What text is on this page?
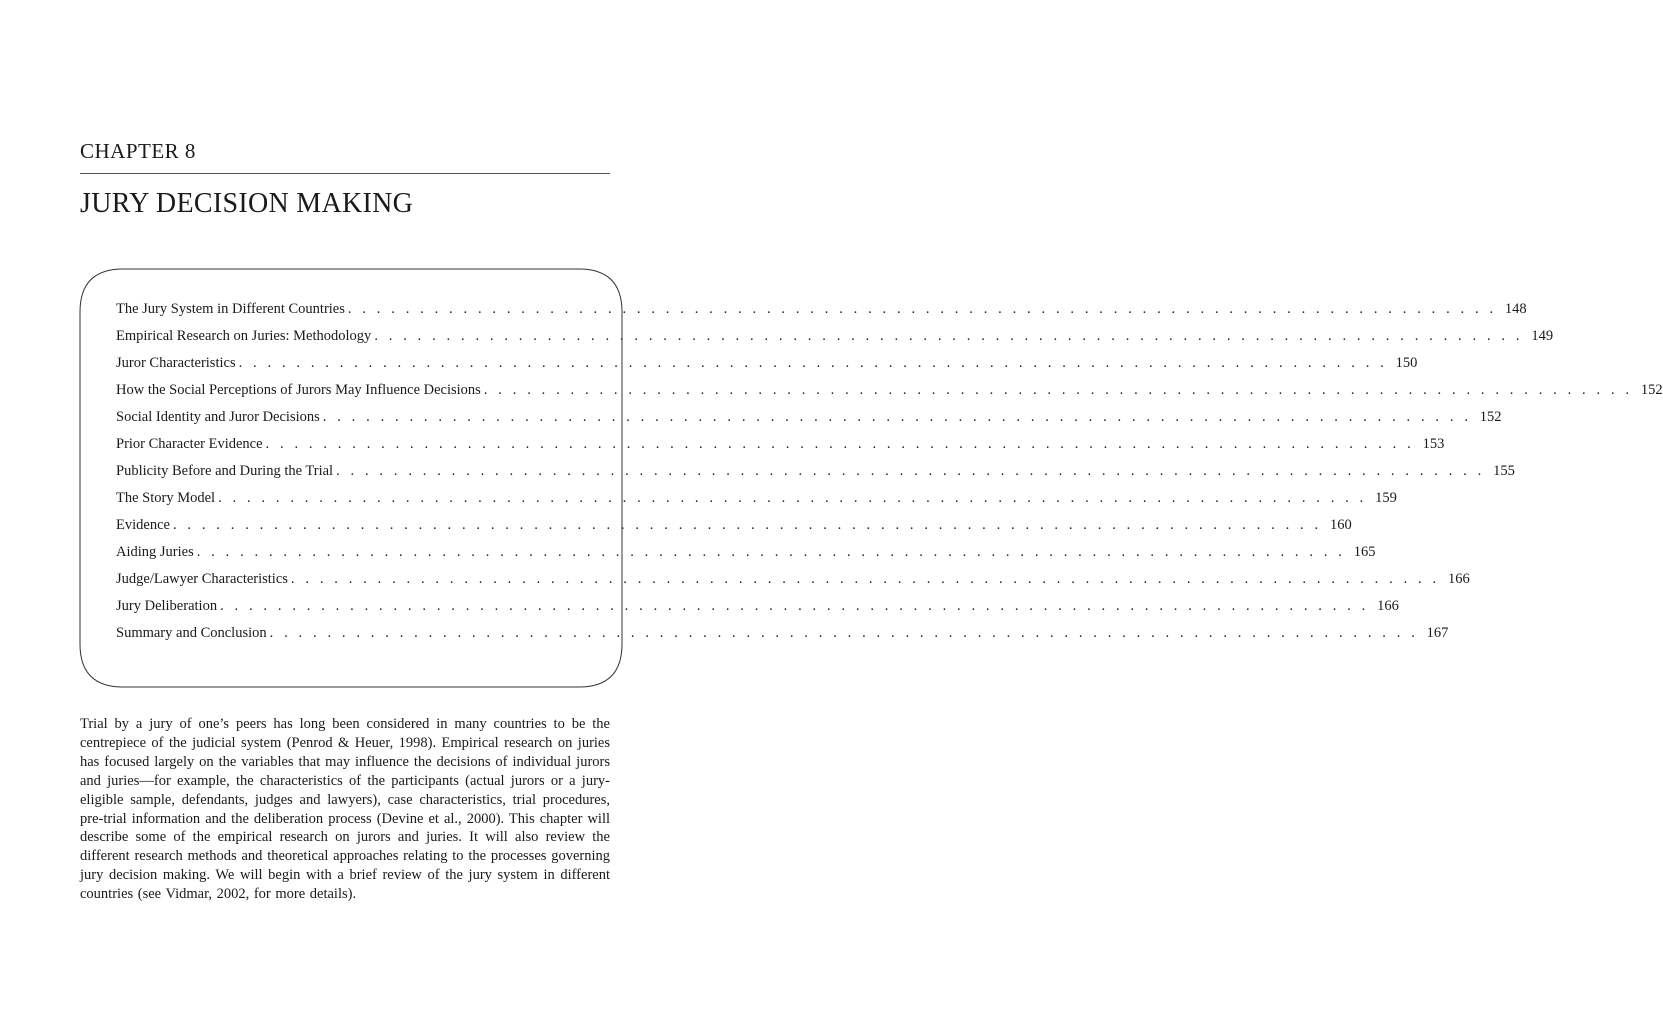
CHAPTER 8
JURY DECISION MAKING
The Jury System in Different Countries . . . . . . . . . . . . . . . . . . . . . . . . . . . . . . . . . . . . . . . . . . . . . . . . . . . . . . . . . . . . . . . . . . . . . . . . . . . . . . . . 148
Empirical Research on Juries: Methodology . . . . . . . . . . . . . . . . . . . . . . . . . . . . . . . . . . . . . . . . . . . . . . . . . . . . . . . . . . . . . . . . . . . . . . . . . . . . . . . . 149
Juror Characteristics . . . . . . . . . . . . . . . . . . . . . . . . . . . . . . . . . . . . . . . . . . . . . . . . . . . . . . . . . . . . . . . . . . . . . . . . . . . . . . . . 150
How the Social Perceptions of Jurors May Influence Decisions . . . . . . . . . . . . . . . . . . . . . . . . . . . . . . . . . . . . . . . . . . . . . . . . . . . . . . . . . . . . . . . . . . . . . . . . . . . . . . . . 152
Social Identity and Juror Decisions . . . . . . . . . . . . . . . . . . . . . . . . . . . . . . . . . . . . . . . . . . . . . . . . . . . . . . . . . . . . . . . . . . . . . . . . . . . . . . . . 152
Prior Character Evidence . . . . . . . . . . . . . . . . . . . . . . . . . . . . . . . . . . . . . . . . . . . . . . . . . . . . . . . . . . . . . . . . . . . . . . . . . . . . . . . . 153
Publicity Before and During the Trial . . . . . . . . . . . . . . . . . . . . . . . . . . . . . . . . . . . . . . . . . . . . . . . . . . . . . . . . . . . . . . . . . . . . . . . . . . . . . . . . 155
The Story Model . . . . . . . . . . . . . . . . . . . . . . . . . . . . . . . . . . . . . . . . . . . . . . . . . . . . . . . . . . . . . . . . . . . . . . . . . . . . . . . . 159
Evidence . . . . . . . . . . . . . . . . . . . . . . . . . . . . . . . . . . . . . . . . . . . . . . . . . . . . . . . . . . . . . . . . . . . . . . . . . . . . . . . . 160
Aiding Juries . . . . . . . . . . . . . . . . . . . . . . . . . . . . . . . . . . . . . . . . . . . . . . . . . . . . . . . . . . . . . . . . . . . . . . . . . . . . . . . . 165
Judge/Lawyer Characteristics . . . . . . . . . . . . . . . . . . . . . . . . . . . . . . . . . . . . . . . . . . . . . . . . . . . . . . . . . . . . . . . . . . . . . . . . . . . . . . . . 166
Jury Deliberation . . . . . . . . . . . . . . . . . . . . . . . . . . . . . . . . . . . . . . . . . . . . . . . . . . . . . . . . . . . . . . . . . . . . . . . . . . . . . . . . 166
Summary and Conclusion . . . . . . . . . . . . . . . . . . . . . . . . . . . . . . . . . . . . . . . . . . . . . . . . . . . . . . . . . . . . . . . . . . . . . . . . . . . . . . . . 167

Trial by a jury of one’s peers has long been considered in many countries to be the centrepiece of the judicial system (Penrod & Heuer, 1998). Empirical research on juries has focused largely on the variables that may influence the decisions of individual jurors and juries—for example, the characteristics of the participants (actual jurors or a jury-eligible sample, defendants, judges and lawyers), case characteristics, trial procedures, pre-trial information and the deliberation process (Devine et al., 2000). This chapter will describe some of the empirical research on jurors and juries. It will also review the different research methods and theoretical approaches relating to the processes governing jury decision making. We will begin with a brief review of the jury system in different countries (see Vidmar, 2002, for more details).
